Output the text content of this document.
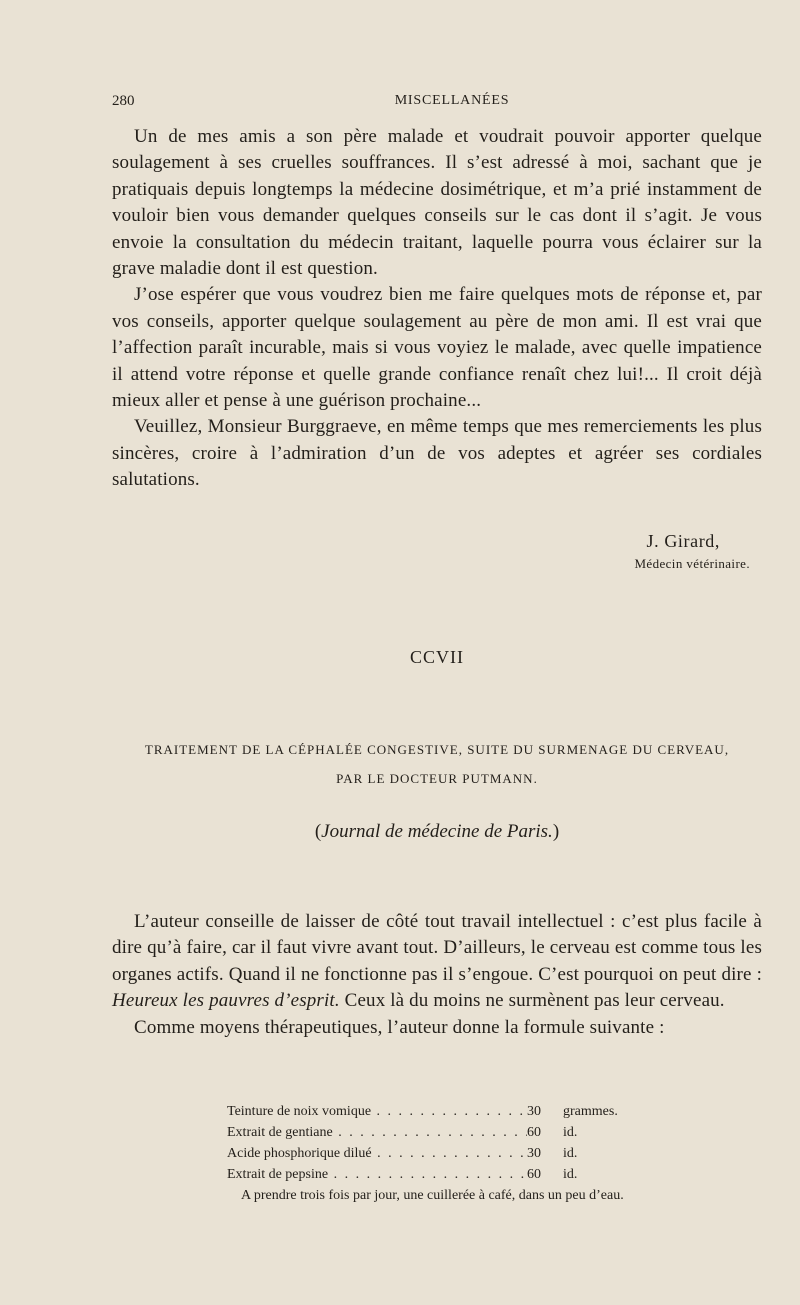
280	MISCELLANÉES

Un de mes amis a son père malade et voudrait pouvoir apporter quelque soulagement à ses cruelles souffrances. Il s’est adressé à moi, sachant que je pratiquais depuis longtemps la médecine dosimétrique, et m’a prié instamment de vouloir bien vous demander quelques conseils sur le cas dont il s’agit. Je vous envoie la consultation du médecin traitant, laquelle pourra vous éclairer sur la grave maladie dont il est question.

J’ose espérer que vous voudrez bien me faire quelques mots de réponse et, par vos conseils, apporter quelque soulagement au père de mon ami. Il est vrai que l’affection paraît incurable, mais si vous voyiez le malade, avec quelle impatience il attend votre réponse et quelle grande confiance renaît chez lui!... Il croit déjà mieux aller et pense à une guérison prochaine...

Veuillez, Monsieur Burggraeve, en même temps que mes remerciements les plus sincères, croire à l’admiration d’un de vos adeptes et agréer ses cordiales salutations.

J. Girard,
Médecin vétérinaire.
CCVII
TRAITEMENT DE LA CÉPHALÉE CONGESTIVE, SUITE DU SURMENAGE DU CERVEAU,
PAR LE DOCTEUR PUTMANN.
(Journal de médecine de Paris.)

L’auteur conseille de laisser de côté tout travail intellectuel : c’est plus facile à dire qu’à faire, car il faut vivre avant tout. D’ailleurs, le cerveau est comme tous les organes actifs. Quand il ne fonctionne pas il s’engoue. C’est pourquoi on peut dire : Heureux les pauvres d’esprit. Ceux là du moins ne surmènent pas leur cerveau.

Comme moyens thérapeutiques, l’auteur donne la formule suivante :

Teinture de noix vomique . . .	30	grammes.
Extrait de gentiane . . .	60	id.
Acide phosphorique dilué . . .	30	id.
Extrait de pepsine . . .	60	id.
A prendre trois fois par jour, une cuillerée à café, dans un peu d’eau.
